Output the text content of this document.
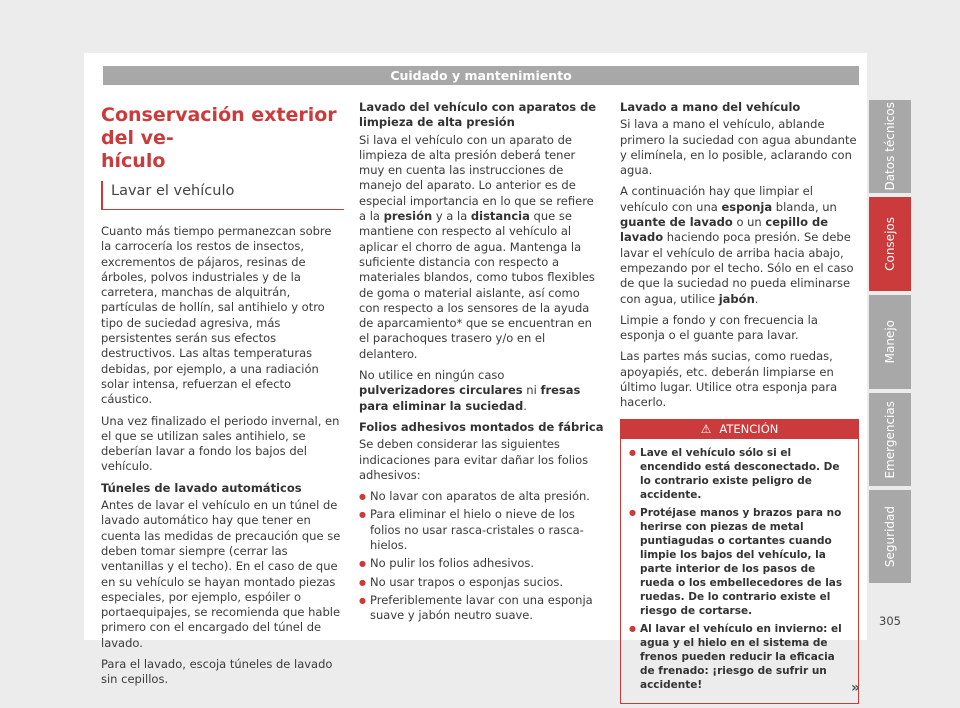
Cuidado y mantenimiento
Conservación exterior del ve-
hículo
Lavar el vehículo

Cuanto más tiempo permanezcan sobre la carrocería los restos de insectos, excrementos de pájaros, resinas de árboles, polvos industriales y de la carretera, manchas de alquitrán, partículas de hollín, sal antihielo y otro tipo de suciedad agresiva, más persistentes serán sus efectos destructivos. Las altas temperaturas debidas, por ejemplo, a una radiación solar intensa, refuerzan el efecto cáustico.

Una vez finalizado el periodo invernal, en el que se utilizan sales antihielo, se deberían lavar a fondo los bajos del vehículo.

Túneles de lavado automáticos

Antes de lavar el vehículo en un túnel de lavado automático hay que tener en cuenta las medidas de precaución que se deben tomar siempre (cerrar las ventanillas y el techo). En el caso de que en su vehículo se hayan montado piezas especiales, por ejemplo, espóiler o portaequipajes, se recomienda que hable primero con el encargado del túnel de lavado.

Para el lavado, escoja túneles de lavado sin cepillos.

Lavado del vehículo con aparatos de limpieza de alta presión

Si lava el vehículo con un aparato de limpieza de alta presión deberá tener muy en cuenta las instrucciones de manejo del aparato. Lo anterior es de especial importancia en lo que se refiere a la presión y a la distancia que se mantiene con respecto al vehículo al aplicar el chorro de agua. Mantenga la suficiente distancia con respecto a materiales blandos, como tubos flexibles de goma o material aislante, así como con respecto a los sensores de la ayuda de aparcamiento* que se encuentran en el parachoques trasero y/o en el delantero.

No utilice en ningún caso pulverizadores circulares ni fresas para eliminar la suciedad.

Folios adhesivos montados de fábrica

Se deben considerar las siguientes indicaciones para evitar dañar los folios adhesivos:

● No lavar con aparatos de alta presión.
● Para eliminar el hielo o nieve de los folios no usar rasca-cristales o rasca-hielos.
● No pulir los folios adhesivos.
● No usar trapos o esponjas sucios.
● Preferiblemente lavar con una esponja suave y jabón neutro suave.
Lavado a mano del vehículo

Si lava a mano el vehículo, ablande primero la suciedad con agua abundante y elimínela, en lo posible, aclarando con agua.

A continuación hay que limpiar el vehículo con una esponja blanda, un guante de lavado o un cepillo de lavado haciendo poca presión. Se debe lavar el vehículo de arriba hacia abajo, empezando por el techo. Sólo en el caso de que la suciedad no pueda eliminarse con agua, utilice jabón.

Limpie a fondo y con frecuencia la esponja o el guante para lavar.

Las partes más sucias, como ruedas, apoyapiés, etc. deberán limpiarse en último lugar. Utilice otra esponja para hacerlo.

⚠ ATENCIÓN
● Lave el vehículo sólo si el encendido está desconectado. De lo contrario existe peligro de accidente.
● Protéjase manos y brazos para no herirse con piezas de metal puntiagudas o cortantes cuando limpie los bajos del vehículo, la parte interior de los pasos de rueda o los embellecedores de las ruedas. De lo contrario existe el riesgo de cortarse.
● Al lavar el vehículo en invierno: el agua y el hielo en el sistema de frenos pueden reducir la eficacia de frenado: ¡riesgo de sufrir un accidente!	»
Datos técnicos
Consejos
Manejo
Emergencias
Seguridad
305
